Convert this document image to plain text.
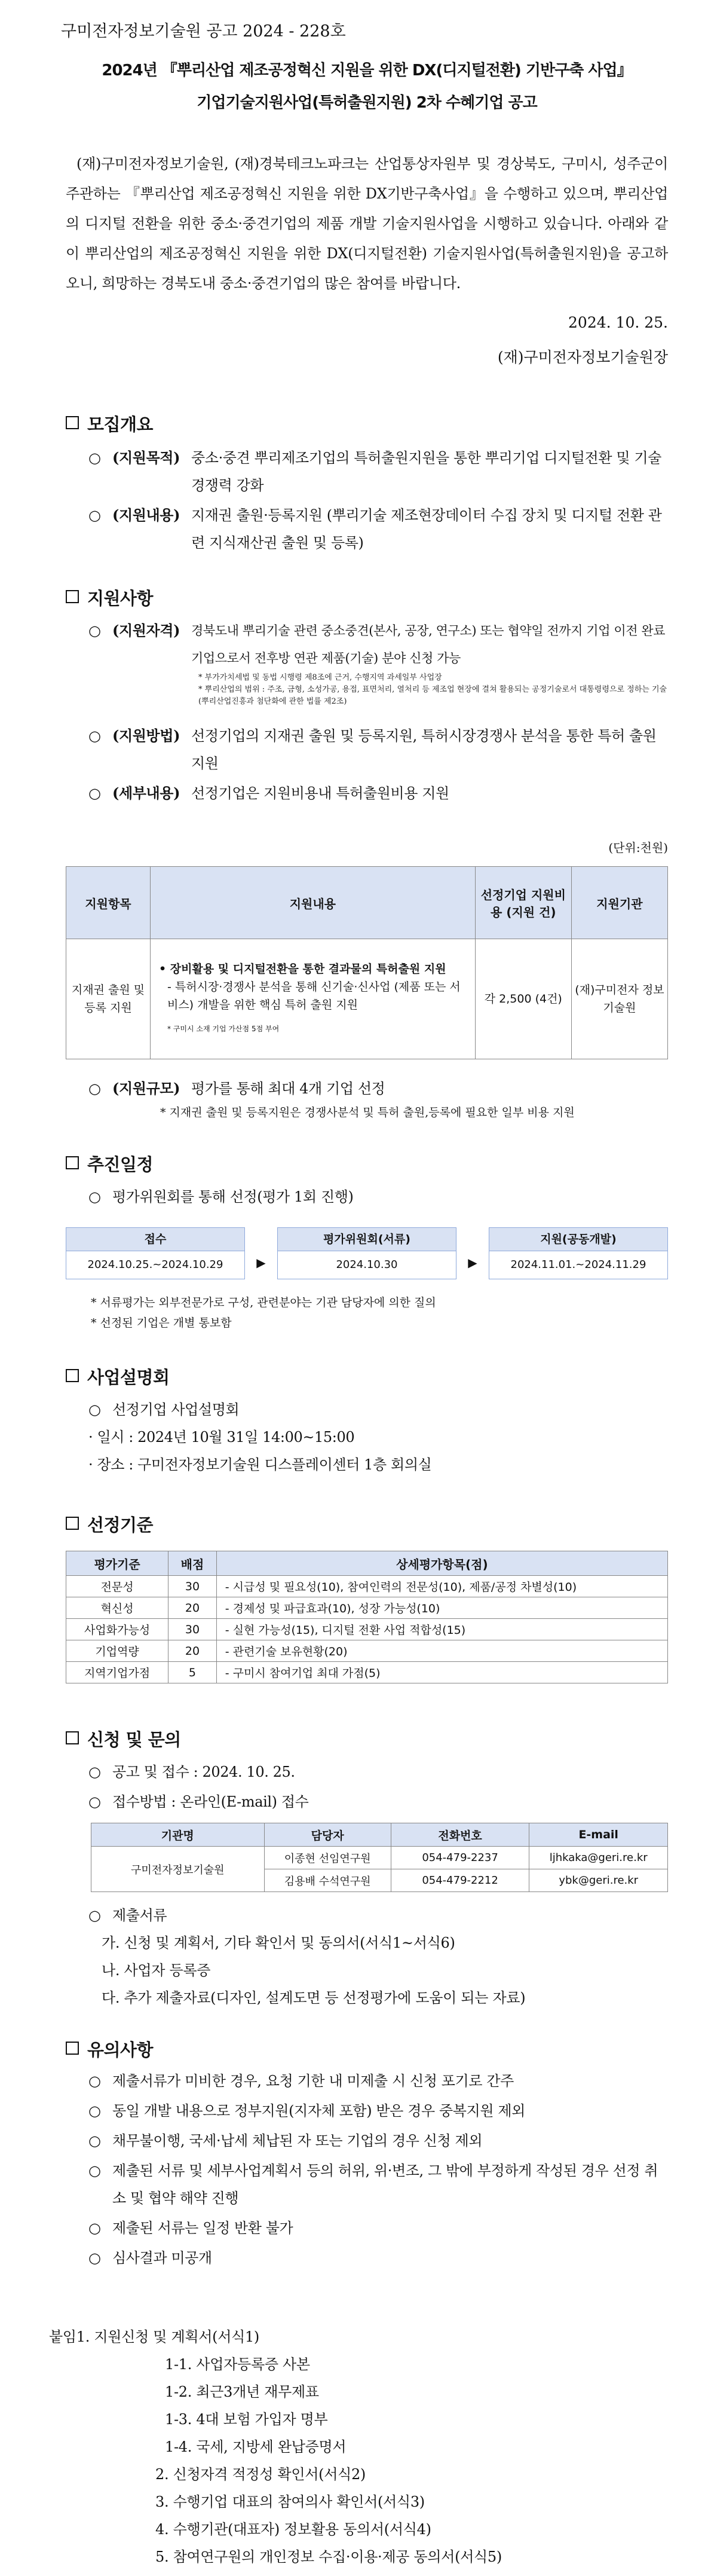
구미전자정보기술원 공고 2024 - 228호
2024년 『뿌리산업 제조공정혁신 지원을 위한 DX(디지털전환) 기반구축 사업』
기업기술지원사업(특허출원지원) 2차 수혜기업 공고
(재)구미전자정보기술원, (재)경북테크노파크는 산업통상자원부 및 경상북도, 구미시, 성주군이 주관하는 『뿌리산업 제조공정혁신 지원을 위한 DX기반구축사업』을 수행하고 있으며, 뿌리산업의 디지털 전환을 위한 중소·중견기업의 제품 개발 기술지원사업을 시행하고 있습니다. 아래와 같이 뿌리산업의 제조공정혁신 지원을 위한 DX(디지털전환) 기술지원사업(특허출원지원)을 공고하오니, 희망하는 경북도내 중소·중견기업의 많은 참여를 바랍니다.
2024. 10. 25.
(재)구미전자정보기술원장
모집개요
○ (지원목적) 중소·중견 뿌리제조기업의 특허출원지원을 통한 뿌리기업 디지털전환 및 기술 경쟁력 강화
○ (지원내용) 지재권 출원·등록지원 (뿌리기술 제조현장데이터 수집 장치 및 디지털 전환 관련 지식재산권 출원 및 등록)
지원사항
○ (지원자격) 경북도내 뿌리기술 관련 중소중견(본사, 공장, 연구소) 또는 협약일 전까지 기업 이전 완료 기업으로서 전후방 연관 제품(기술) 분야 신청 가능
* 부가가치세법 및 동법 시행령 제8조에 근거, 수행지역 과세일부 사업장
* 뿌리산업의 범위 : 주조, 금형, 소성가공, 용접, 표면처리, 열처리 등 제조업 현장에 결쳐 활용되는 공정기술로서 대통령령으로 정하는 기술 (뿌리산업진흥과 첨단화에 관한 법률 제2조)
○ (지원방법) 선정기업의 지재권 출원 및 등록지원, 특허시장경쟁사 분석을 통한 특허 출원지원
○ (세부내용) 선정기업은 지원비용내 특허출원비용 지원
(단위:천원)
지원항목	지원내용	선정기업 지원비용 (지원 건)	지원기관
지재권 출원 및 등록 지원	• 장비활용 및 디지털전환을 통한 결과물의 특허출원 지원
- 특허시장·경쟁사 분석을 통해 신기술·신사업 (제품 또는 서비스) 개발을 위한 핵심 특허 출원 지원
* 구미시 소재 기업 가산점 5점 부여	각 2,500 (4건)	(재)구미전자 정보기술원
○ (지원규모) 평가를 통해 최대 4개 기업 선정
* 지재권 출원 및 등록지원은 경쟁사분석 및 특허 출원,등록에 필요한 일부 비용 지원
추진일정
○ 평가위원회를 통해 선정(평가 1회 진행)
접수
2024.10.25.~2024.10.29	▶
평가위원회(서류)
2024.10.30	▶
지원(공동개발)
2024.11.01.~2024.11.29
* 서류평가는 외부전문가로 구성, 관련분야는 기관 담당자에 의한 질의
* 선정된 기업은 개별 통보함
사업설명회
○ 선정기업 사업설명회
· 일시 : 2024년 10월 31일 14:00~15:00
· 장소 : 구미전자정보기술원 디스플레이센터 1층 회의실
선정기준
평가기준	배점	상세평가항목(점)
전문성	30	- 시급성 및 필요성(10), 참여인력의 전문성(10), 제품/공정 차별성(10)
혁신성	20	- 경제성 및 파급효과(10), 성장 가능성(10)
사업화가능성	30	- 실현 가능성(15), 디지털 전환 사업 적합성(15)
기업역량	20	- 관련기술 보유현황(20)
지역기업가점	5	- 구미시 참여기업 최대 가점(5)
신청 및 문의
○ 공고 및 접수 : 2024. 10. 25.
○ 접수방법 : 온라인(E-mail) 접수
기관명	담당자	전화번호	E-mail
구미전자정보기술원	이종현 선임연구원	054-479-2237	ljhkaka@geri.re.kr
	김용배 수석연구원	054-479-2212	ybk@geri.re.kr
○ 제출서류
가. 신청 및 계획서, 기타 확인서 및 동의서(서식1~서식6)
나. 사업자 등록증
다. 추가 제출자료(디자인, 설계도면 등 선정평가에 도움이 되는 자료)
유의사항
○ 제출서류가 미비한 경우, 요청 기한 내 미제출 시 신청 포기로 간주
○ 동일 개발 내용으로 정부지원(지자체 포함) 받은 경우 중복지원 제외
○ 채무불이행, 국세·납세 체납된 자 또는 기업의 경우 신청 제외
○ 제출된 서류 및 세부사업계획서 등의 허위, 위·변조, 그 밖에 부정하게 작성된 경우 선정 취소 및 협약 해약 진행
○ 제출된 서류는 일정 반환 불가
○ 심사결과 미공개
붙임1. 지원신청 및 계획서(서식1)
1-1. 사업자등록증 사본
1-2. 최근3개년 재무제표
1-3. 4대 보험 가입자 명부
1-4. 국세, 지방세 완납증명서
2. 신청자격 적정성 확인서(서식2)
3. 수행기업 대표의 참여의사 확인서(서식3)
4. 수행기관(대표자) 정보활용 동의서(서식4)
5. 참여연구원의 개인정보 수집·이용·제공 동의서(서식5)
